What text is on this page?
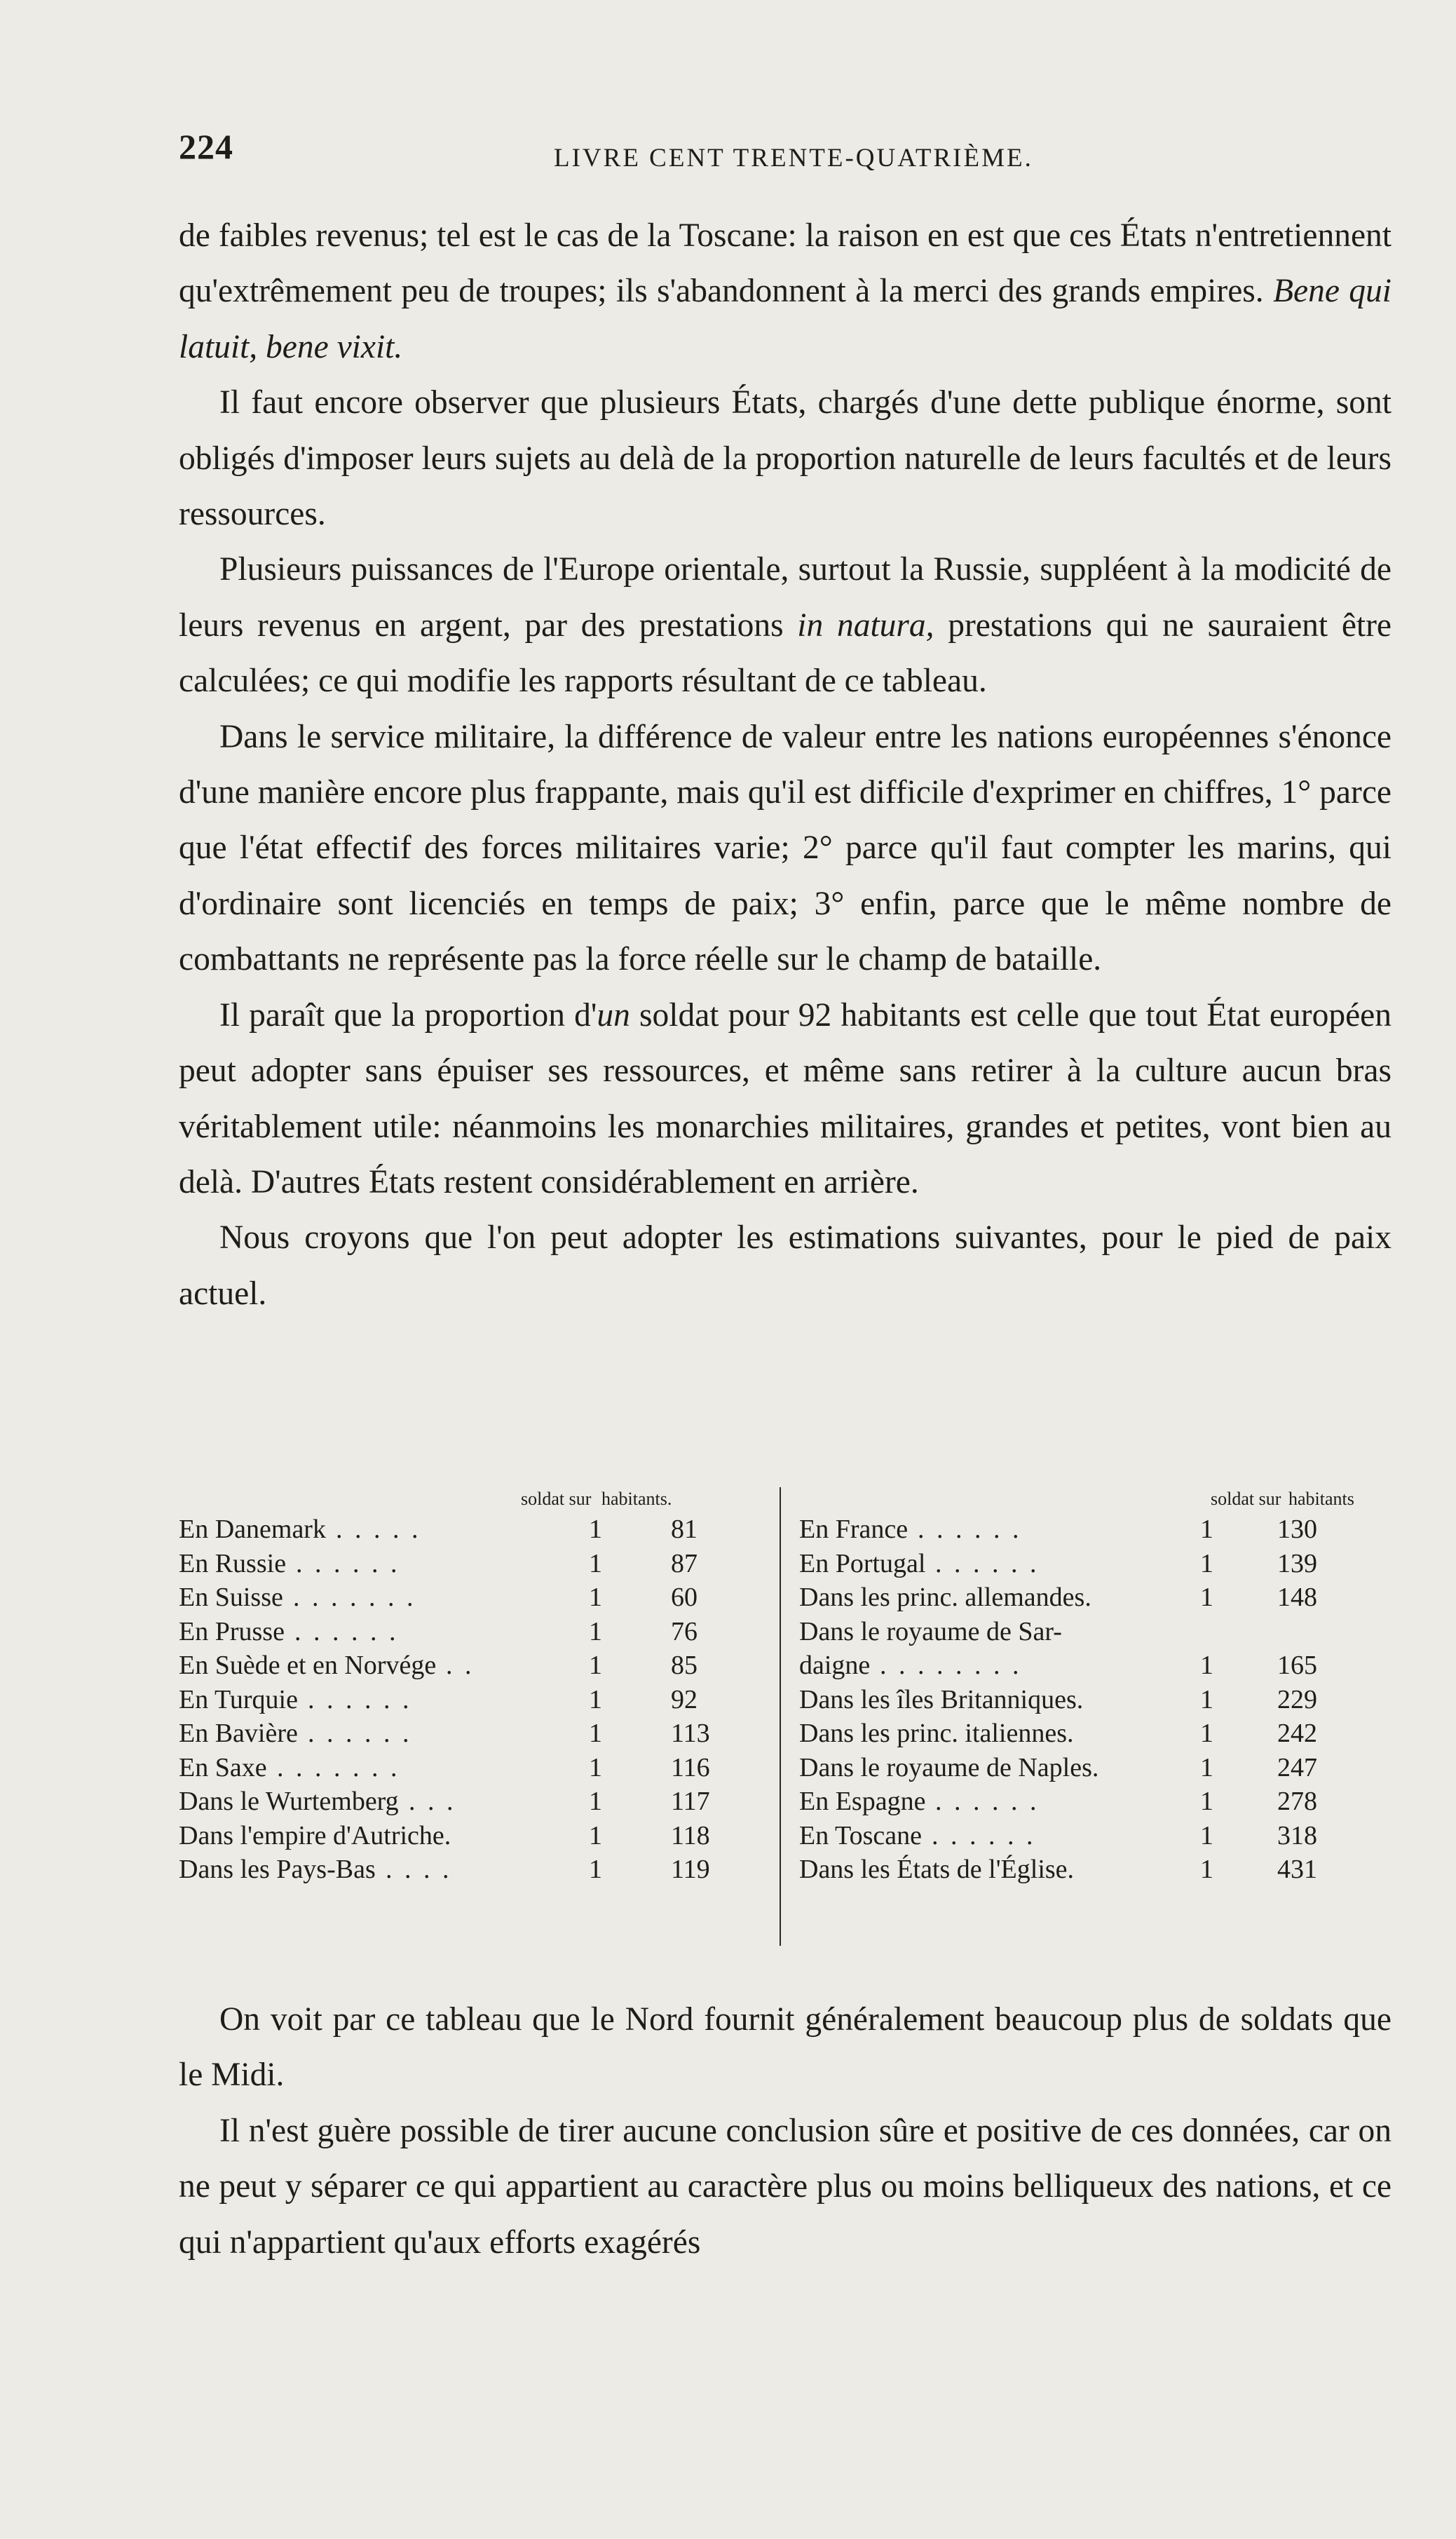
224	LIVRE CENT TRENTE-QUATRIÈME.

de faibles revenus; tel est le cas de la Toscane: la raison en est que ces États n'entretiennent qu'extrêmement peu de troupes; ils s'abandonnent à la merci des grands empires. Bene qui latuit, bene vixit.

Il faut encore observer que plusieurs États, chargés d'une dette publique énorme, sont obligés d'imposer leurs sujets au delà de la proportion naturelle de leurs facultés et de leurs ressources.

Plusieurs puissances de l'Europe orientale, surtout la Russie, suppléent à la modicité de leurs revenus en argent, par des prestations in natura, prestations qui ne sauraient être calculées; ce qui modifie les rapports résultant de ce tableau.

Dans le service militaire, la différence de valeur entre les nations européennes s'énonce d'une manière encore plus frappante, mais qu'il est difficile d'exprimer en chiffres, 1° parce que l'état effectif des forces militaires varie; 2° parce qu'il faut compter les marins, qui d'ordinaire sont licenciés en temps de paix; 3° enfin, parce que le même nombre de combattants ne représente pas la force réelle sur le champ de bataille.

Il paraît que la proportion d'un soldat pour 92 habitants est celle que tout État européen peut adopter sans épuiser ses ressources, et même sans retirer à la culture aucun bras véritablement utile: néanmoins les monarchies militaires, grandes et petites, vont bien au delà. D'autres États restent considérablement en arrière.

Nous croyons que l'on peut adopter les estimations suivantes, pour le pied de paix actuel.

soldat sur habitants.
En Danemark . . . . .	1	81
En Russie . . . . . .	1	87
En Suisse . . . . . . .	1	60
En Prusse . . . . . .	1	76
En Suède et en Norvége . .	1	85
En Turquie . . . . . .	1	92
En Bavière . . . . . .	1	113
En Saxe . . . . . . .	1	116
Dans le Wurtemberg . . .	1	117
Dans l'empire d'Autriche.	1	118
Dans les Pays-Bas . . . .	1	119
soldat sur habitants
En France . . . . . .	1 130
En Portugal . . . . . .	1 139
Dans les princ. allemandes.	1 148
Dans le royaume de Sar-
daigne . . . . . . . .	1 165
Dans les îles Britanniques.	1 229
Dans les princ. italiennes.	1 242
Dans le royaume de Naples.	1 247
En Espagne . . . . . .	1 278
En Toscane . . . . . .	1 318
Dans les États de l'Église.	1 431

On voit par ce tableau que le Nord fournit généralement beaucoup plus de soldats que le Midi.

Il n'est guère possible de tirer aucune conclusion sûre et positive de ces données, car on ne peut y séparer ce qui appartient au caractère plus ou moins belliqueux des nations, et ce qui n'appartient qu'aux efforts exagérés
